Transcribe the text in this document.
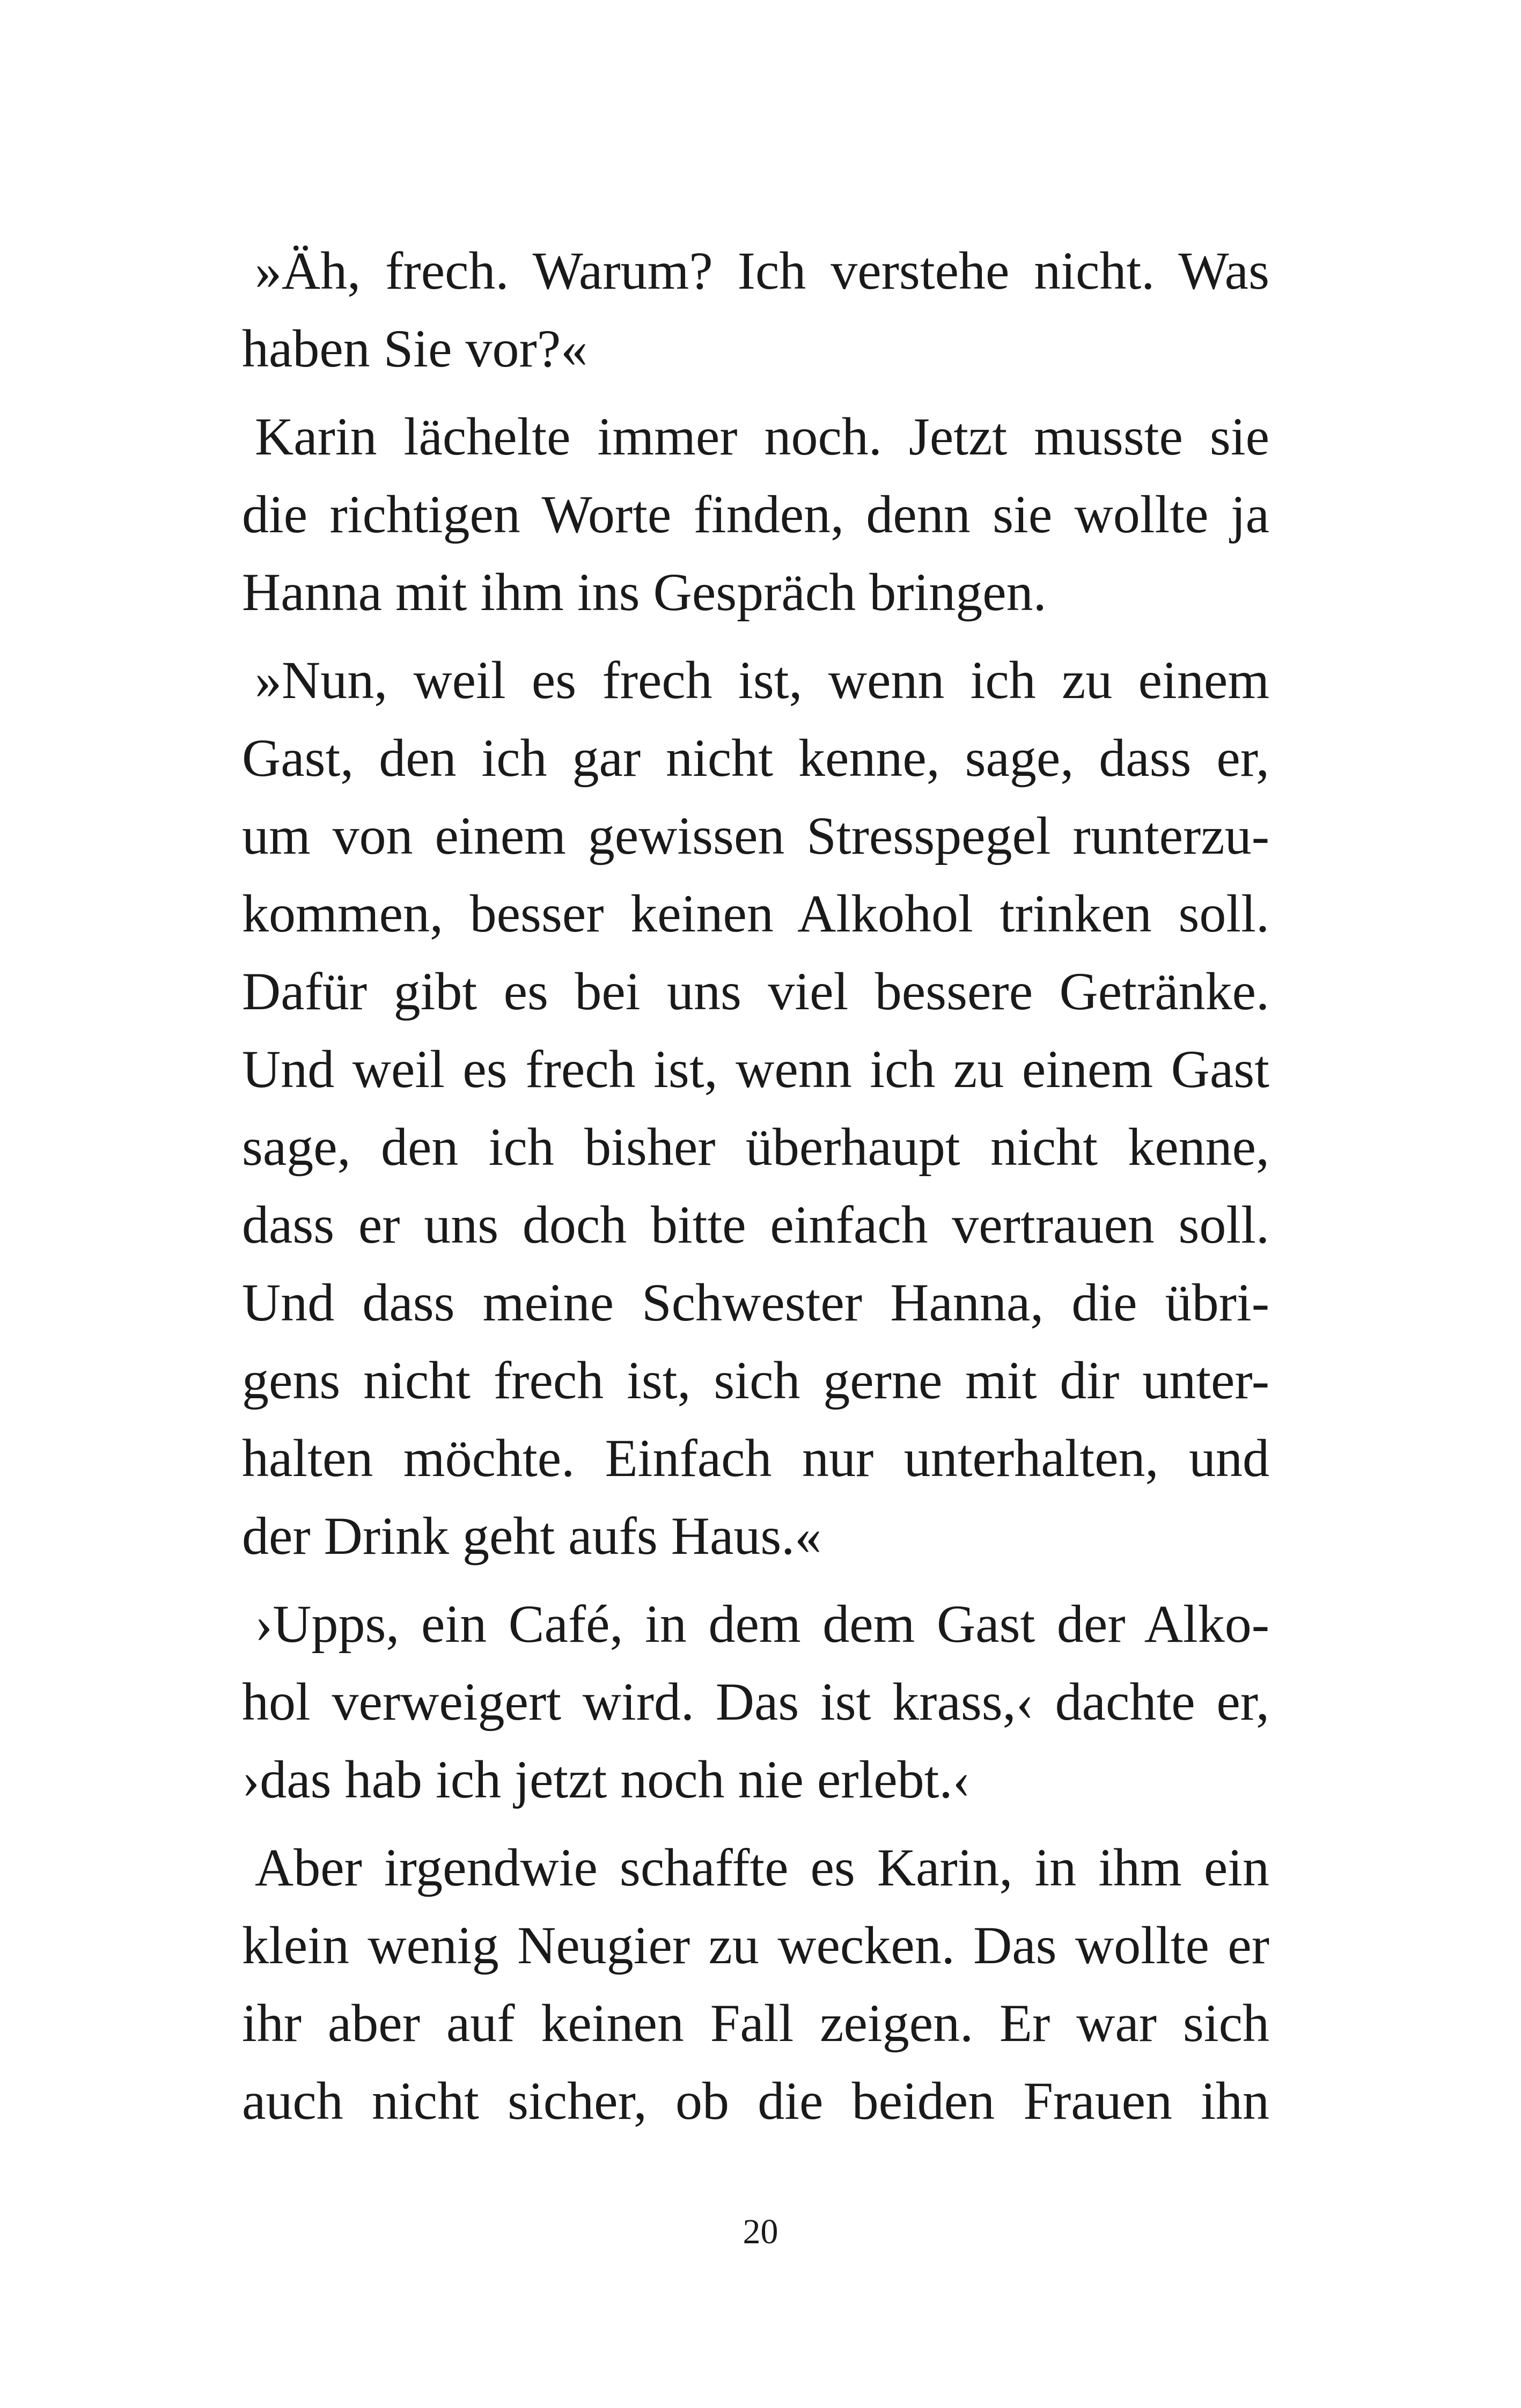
»Äh, frech. Warum? Ich verstehe nicht. Was
haben Sie vor?«
Karin lächelte immer noch. Jetzt musste sie
die richtigen Worte finden, denn sie wollte ja
Hanna mit ihm ins Gespräch bringen.
»Nun, weil es frech ist, wenn ich zu einem
Gast, den ich gar nicht kenne, sage, dass er,
um von einem gewissen Stresspegel runterzu-
kommen, besser keinen Alkohol trinken soll.
Dafür gibt es bei uns viel bessere Getränke.
Und weil es frech ist, wenn ich zu einem Gast
sage, den ich bisher überhaupt nicht kenne,
dass er uns doch bitte einfach vertrauen soll.
Und dass meine Schwester Hanna, die übri-
gens nicht frech ist, sich gerne mit dir unter-
halten möchte. Einfach nur unterhalten, und
der Drink geht aufs Haus.«
›Upps, ein Café, in dem dem Gast der Alko-
hol verweigert wird. Das ist krass,‹ dachte er,
›das hab ich jetzt noch nie erlebt.‹
Aber irgendwie schaffte es Karin, in ihm ein
klein wenig Neugier zu wecken. Das wollte er
ihr aber auf keinen Fall zeigen. Er war sich
auch nicht sicher, ob die beiden Frauen ihn
20
